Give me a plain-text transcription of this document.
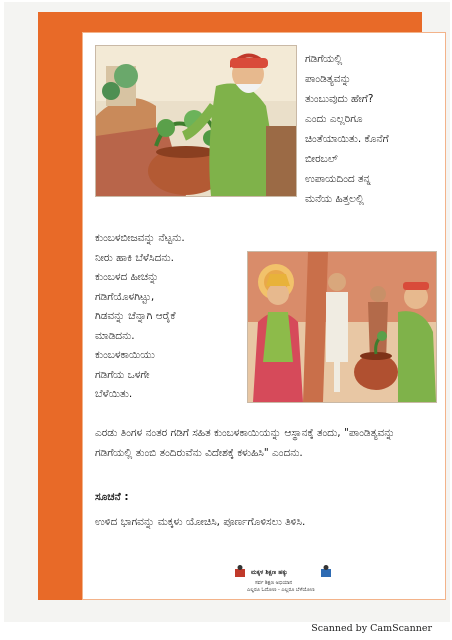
ಗಡಿಗೆಯಲ್ಲಿ
ಪಾಂಡಿತ್ಯವನ್ನು
ತುಂಬುವುದು ಹೇಗೆ?
ಎಂದು ಎಲ್ಲರಿಗೂ
ಚಿಂತೆಯಾಯಿತು. ಕೊನೆಗೆ
ಬೀರಬಲ್
ಉಪಾಯದಿಂದ ತನ್ನ
ಮನೆಯ ಹಿತ್ತಲಲ್ಲಿ
ಕುಂಬಳಬೀಜವನ್ನು ನೆಟ್ಟನು.
ನೀರು ಹಾಕಿ ಬೆಳೆಸಿದನು.
ಕುಂಬಳದ ಹೀಚನ್ನು
ಗಡಿಗೆಯೊಳಗಿಟ್ಟು,
ಗಿಡವನ್ನು ಚೆನ್ನಾಗಿ ಆರೈಕೆ
ಮಾಡಿದನು.
ಕುಂಬಳಕಾಯಿಯು
ಗಡಿಗೆಯ ಒಳಗೇ
ಬೆಳೆಯಿತು.
ಎರಡು ತಿಂಗಳ ನಂತರ ಗಡಿಗೆ ಸಹಿತ ಕುಂಬಳಕಾಯಿಯನ್ನು ಆಸ್ಥಾನಕ್ಕೆ ತಂದು, "ಪಾಂಡಿತ್ಯವನ್ನು ಗಡಿಗೆಯಲ್ಲಿ ತುಂಬಿ ತಂದಿರುವೆನು ವಿದೇಶಕ್ಕೆ ಕಳುಹಿಸಿ" ಎಂದನು.
ಸೂಚನೆ :
ಉಳಿದ ಭಾಗವನ್ನು ಮಕ್ಕಳು ಯೋಚಿಸಿ, ಪೂರ್ಣಗೊಳಿಸಲು ತಿಳಿಸಿ.
ಮಕ್ಕಳ ಶಿಕ್ಷಣ ಹಕ್ಕು
ಸರ್ವ ಶಿಕ್ಷಣ ಅಭಿಯಾನ
ಎಲ್ಲರೂ ಓದೋಣ - ಎಲ್ಲರೂ ಬೆಳೆಯೋಣ
Scanned by CamScanner
